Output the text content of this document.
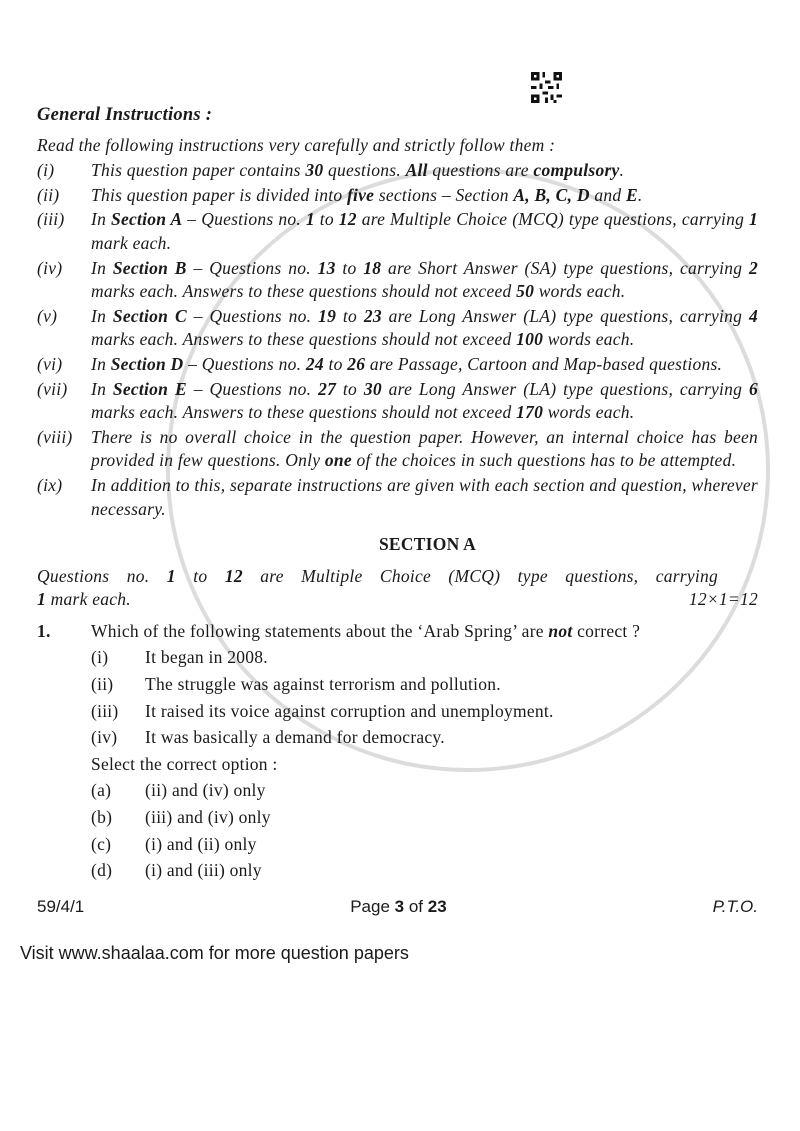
General Instructions :
Read the following instructions very carefully and strictly follow them :
(i)	This question paper contains 30 questions. All questions are compulsory.
(ii)	This question paper is divided into five sections – Section A, B, C, D and E.
(iii)	In Section A – Questions no. 1 to 12 are Multiple Choice (MCQ) type questions, carrying 1 mark each.
(iv)	In Section B – Questions no. 13 to 18 are Short Answer (SA) type questions, carrying 2 marks each. Answers to these questions should not exceed 50 words each.
(v)	In Section C – Questions no. 19 to 23 are Long Answer (LA) type questions, carrying 4 marks each. Answers to these questions should not exceed 100 words each.
(vi)	In Section D – Questions no. 24 to 26 are Passage, Cartoon and Map-based questions.
(vii)	In Section E – Questions no. 27 to 30 are Long Answer (LA) type questions, carrying 6 marks each. Answers to these questions should not exceed 170 words each.
(viii)	There is no overall choice in the question paper. However, an internal choice has been provided in few questions. Only one of the choices in such questions has to be attempted.
(ix)	In addition to this, separate instructions are given with each section and question, wherever necessary.
SECTION A
Questions no. 1 to 12 are Multiple Choice (MCQ) type questions, carrying
1 mark each.	12×1=12
1.	Which of the following statements about the ‘Arab Spring’ are not correct ?
(i)	It began in 2008.
(ii)	The struggle was against terrorism and pollution.
(iii)	It raised its voice against corruption and unemployment.
(iv)	It was basically a demand for democracy.
Select the correct option :
(a)	(ii) and (iv) only
(b)	(iii) and (iv) only
(c)	(i) and (ii) only
(d)	(i) and (iii) only
59/4/1	Page 3 of 23	P.T.O.
Visit www.shaalaa.com for more question papers
